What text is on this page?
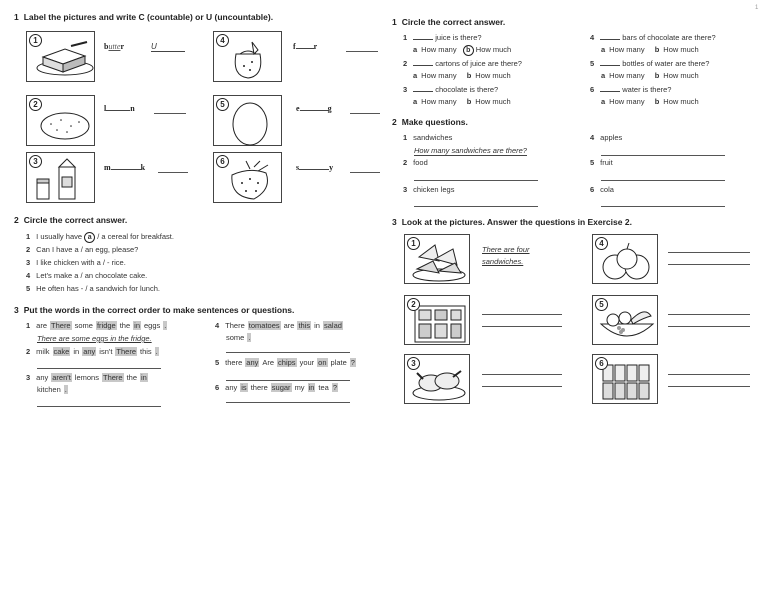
1
1 Label the pictures and write C (countable) or U (uncountable).
1
butter	U
4
f r
2	l	n	5	e	g
3
m	k
6
s	y
2 Circle the correct answer.
1 I usually have a / a cereal for breakfast.
2 Can I have a / an egg, please?
3 I like chicken with a / - rice.
4 Let's make a / an chocolate cake.
5 He often has - / a sandwich for lunch.
3 Put the words in the correct order to make sentences or questions.
1 are There some fridge the in eggs .
There are some eggs in the fridge.
4 There tomatoes are this in salad
some .
2 milk cake in any isn't There this .
5 there any Are chips your on plate ?
3 any aren't lemons There the in
kitchen .	6 any is there sugar my in tea ?
1 Circle the correct answer.
1	juice is there?
a How many b How much
4	bars of chocolate are there?
a How many b How much
2	cartons of juice are there?
a How many b How much
5	bottles of water are there?
a How many b How much
3	chocolate is there?
a How many b How much
6	water is there?
a How many b How much
2 Make questions.
1 sandwiches
How many sandwiches are there?
4 apples
2 food	5 fruit
3 chicken legs	6 cola
3 Look at the pictures. Answer the questions in Exercise 2.
1
There are four
sandwiches.
4
2	5
3	6
